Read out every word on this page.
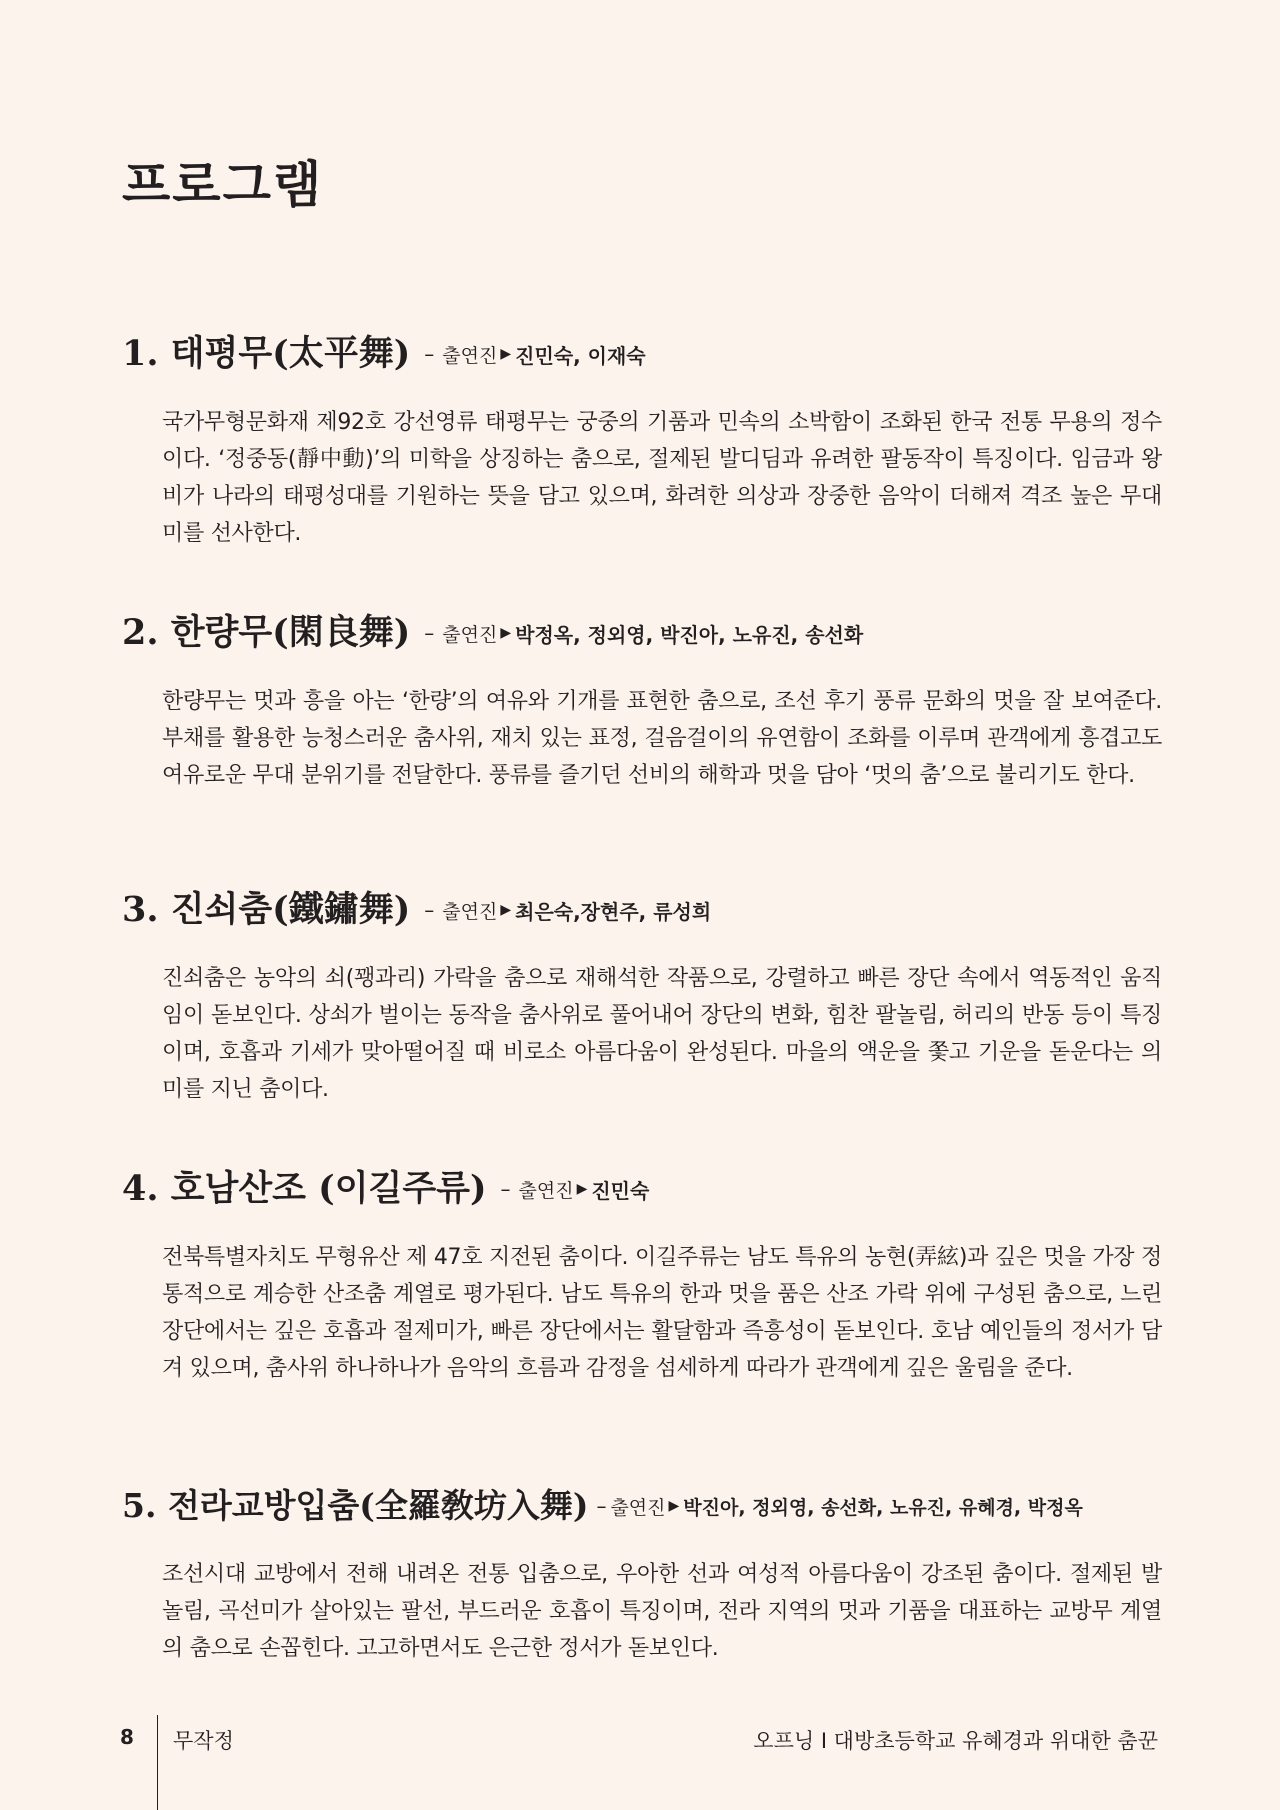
프로그램
1. 태평무(太平舞) – 출연진 ▶ 진민숙, 이재숙

국가무형문화재 제92호 강선영류 태평무는 궁중의 기품과 민속의 소박함이 조화된 한국 전통 무용의 정수이다. ‘정중동(靜中動)’의 미학을 상징하는 춤으로, 절제된 발디딤과 유려한 팔동작이 특징이다. 임금과 왕비가 나라의 태평성대를 기원하는 뜻을 담고 있으며, 화려한 의상과 장중한 음악이 더해져 격조 높은 무대미를 선사한다.

2. 한량무(閑良舞) – 출연진 ▶ 박정옥, 정외영, 박진아, 노유진, 송선화

한량무는 멋과 흥을 아는 ‘한량’의 여유와 기개를 표현한 춤으로, 조선 후기 풍류 문화의 멋을 잘 보여준다. 부채를 활용한 능청스러운 춤사위, 재치 있는 표정, 걸음걸이의 유연함이 조화를 이루며 관객에게 흥겹고도 여유로운 무대 분위기를 전달한다. 풍류를 즐기던 선비의 해학과 멋을 담아 ‘멋의 춤’으로 불리기도 한다.

3. 진쇠춤(鐵鏽舞) – 출연진 ▶ 최은숙,장현주, 류성희

진쇠춤은 농악의 쇠(꽹과리) 가락을 춤으로 재해석한 작품으로, 강렬하고 빠른 장단 속에서 역동적인 움직임이 돋보인다. 상쇠가 벌이는 동작을 춤사위로 풀어내어 장단의 변화, 힘찬 팔놀림, 허리의 반동 등이 특징이며, 호흡과 기세가 맞아떨어질 때 비로소 아름다움이 완성된다. 마을의 액운을 쫓고 기운을 돋운다는 의미를 지닌 춤이다.

4. 호남산조 (이길주류) – 출연진 ▶ 진민숙

전북특별자치도 무형유산 제 47호 지전된 춤이다. 이길주류는 남도 특유의 농현(弄絃)과 깊은 멋을 가장 정통적으로 계승한 산조춤 계열로 평가된다. 남도 특유의 한과 멋을 품은 산조 가락 위에 구성된 춤으로, 느린 장단에서는 깊은 호흡과 절제미가, 빠른 장단에서는 활달함과 즉흥성이 돋보인다. 호남 예인들의 정서가 담겨 있으며, 춤사위 하나하나가 음악의 흐름과 감정을 섬세하게 따라가 관객에게 깊은 울림을 준다.

5. 전라교방입춤(全羅敎坊入舞) – 출연진 ▶ 박진아, 정외영, 송선화, 노유진, 유혜경, 박정옥

조선시대 교방에서 전해 내려온 전통 입춤으로, 우아한 선과 여성적 아름다움이 강조된 춤이다. 절제된 발놀림, 곡선미가 살아있는 팔선, 부드러운 호흡이 특징이며, 전라 지역의 멋과 기품을 대표하는 교방무 계열의 춤으로 손꼽힌다. 고고하면서도 은근한 정서가 돋보인다.

8 무작정	오프닝 I 대방초등학교 유혜경과 위대한 춤꾼
